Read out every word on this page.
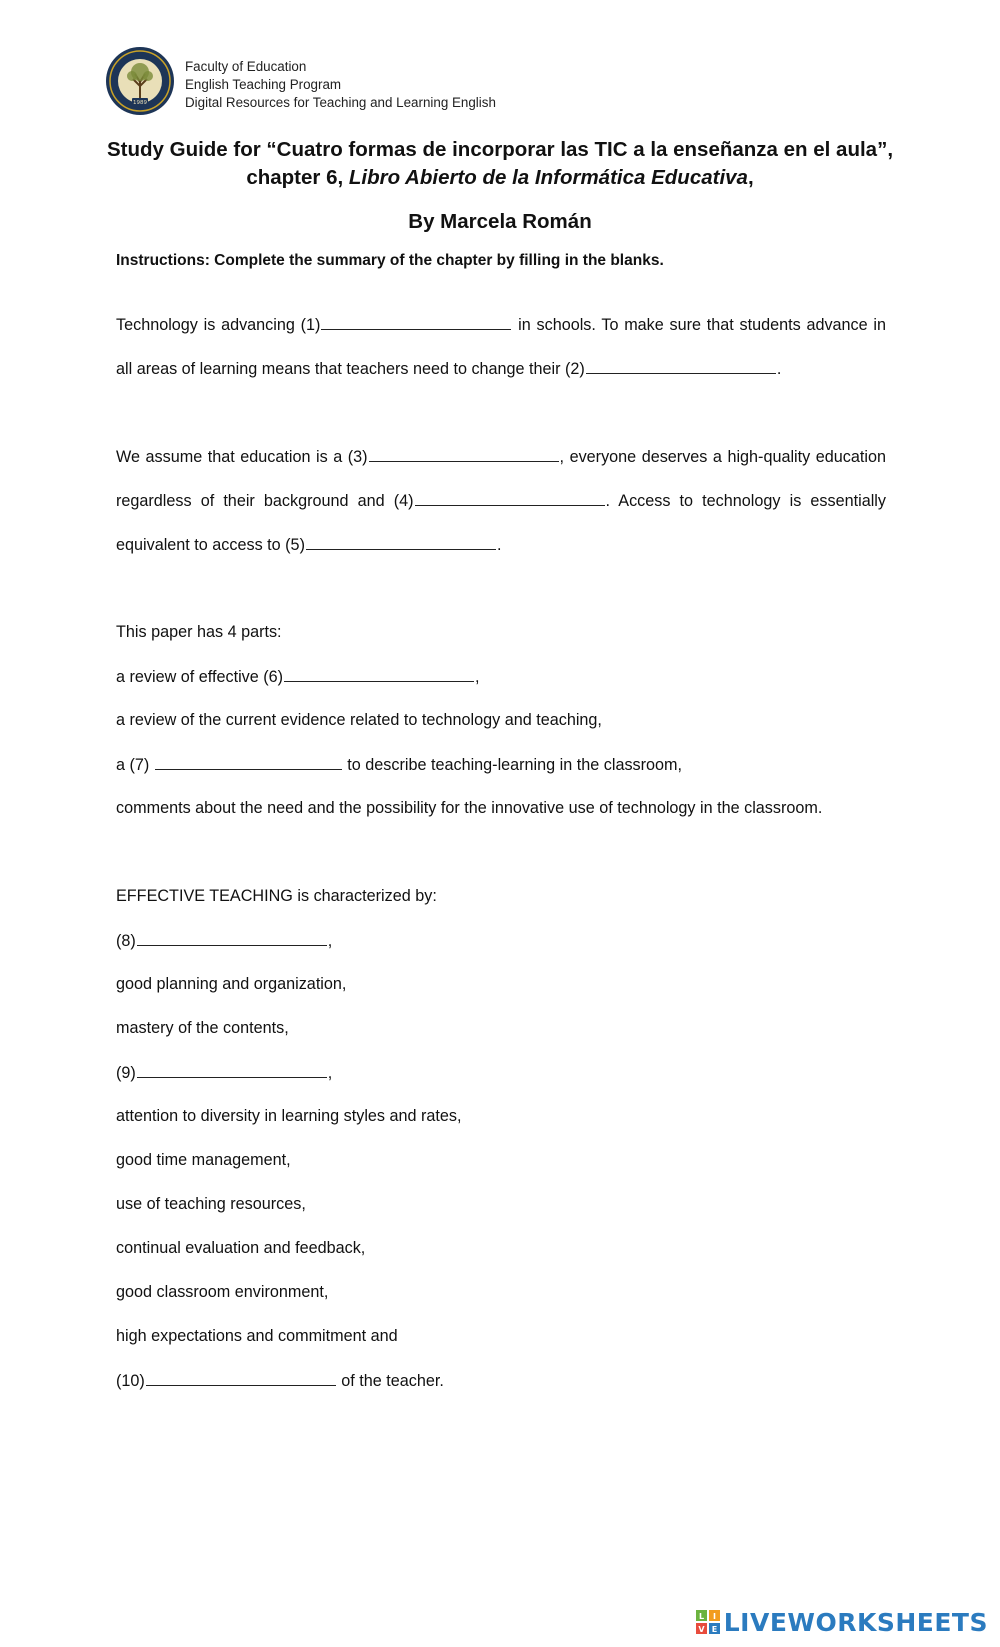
1989
Faculty of Education
English Teaching Program
Digital Resources for Teaching and Learning English
Study Guide for “Cuatro formas de incorporar las TIC a la enseñanza en el aula”,
chapter 6, Libro Abierto de la Informática Educativa,
By Marcela Román
Instructions: Complete the summary of the chapter by filling in the blanks.
Technology is advancing (1)	in schools. To make sure that students advance in
all areas of learning means that teachers need to change their (2)	.
We assume that education is a (3)	, everyone deserves a high-quality education
regardless of their background and (4)	. Access to technology is essentially
equivalent to access to (5)	.
This paper has 4 parts:
a review of effective (6)	,
a review of the current evidence related to technology and teaching,
a (7)	to describe teaching-learning in the classroom,
comments about the need and the possibility for the innovative use of technology in the classroom.
EFFECTIVE TEACHING is characterized by:
(8)	,
good planning and organization,
mastery of the contents,
(9)	,
attention to diversity in learning styles and rates,
good time management,
use of teaching resources,
continual evaluation and feedback,
good classroom environment,
high expectations and commitment and
(10)	of the teacher.
L I
V E LIVEWORKSHEETS
